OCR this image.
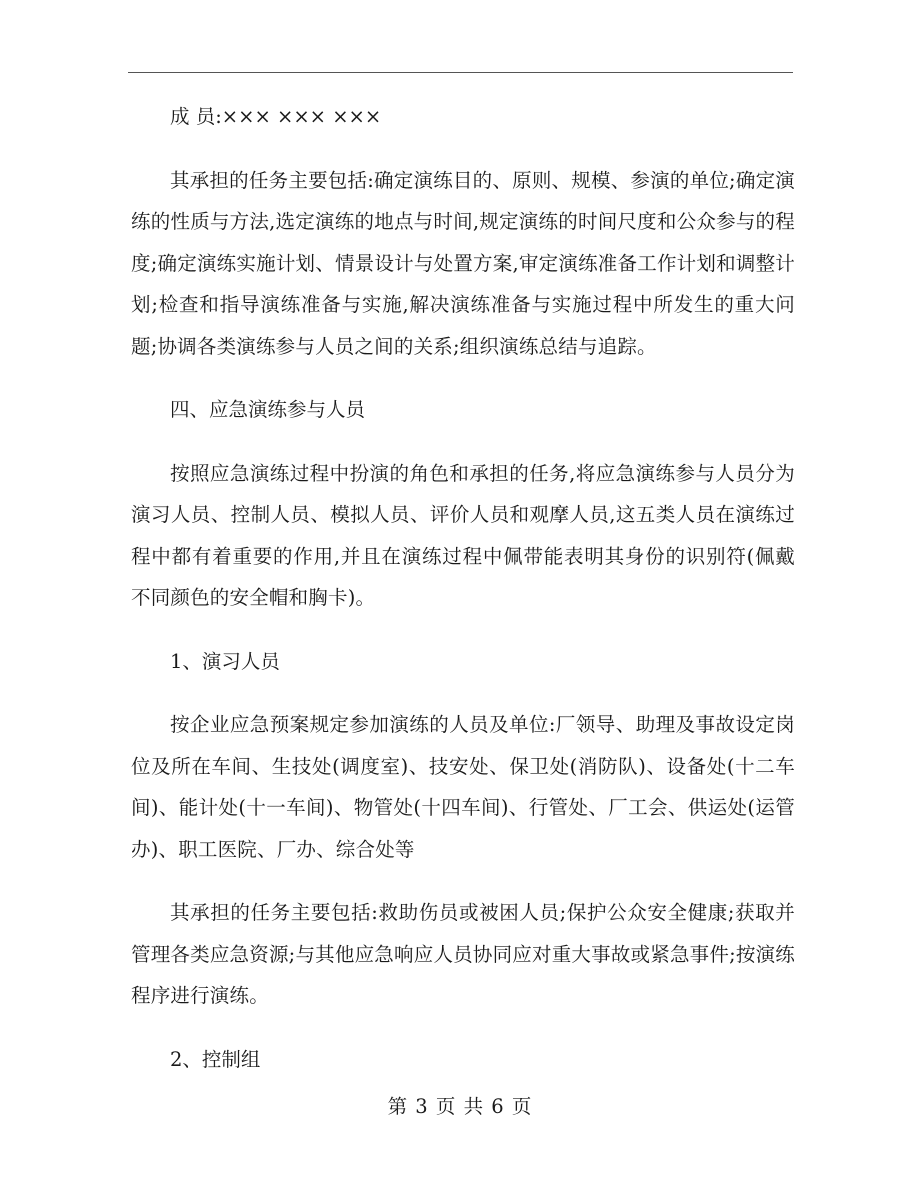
成 员:××× ××× ×××

其承担的任务主要包括:确定演练目的、原则、规模、参演的单位;确定演练的性质与方法,选定演练的地点与时间,规定演练的时间尺度和公众参与的程度;确定演练实施计划、情景设计与处置方案,审定演练准备工作计划和调整计划;检查和指导演练准备与实施,解决演练准备与实施过程中所发生的重大问题;协调各类演练参与人员之间的关系;组织演练总结与追踪。

四、应急演练参与人员

按照应急演练过程中扮演的角色和承担的任务,将应急演练参与人员分为演习人员、控制人员、模拟人员、评价人员和观摩人员,这五类人员在演练过程中都有着重要的作用,并且在演练过程中佩带能表明其身份的识别符(佩戴不同颜色的安全帽和胸卡)。

1、演习人员

按企业应急预案规定参加演练的人员及单位:厂领导、助理及事故设定岗位及所在车间、生技处(调度室)、技安处、保卫处(消防队)、设备处(十二车间)、能计处(十一车间)、物管处(十四车间)、行管处、厂工会、供运处(运管办)、职工医院、厂办、综合处等

其承担的任务主要包括:救助伤员或被困人员;保护公众安全健康;获取并管理各类应急资源;与其他应急响应人员协同应对重大事故或紧急事件;按演练程序进行演练。

2、控制组

第 3 页 共 6 页
